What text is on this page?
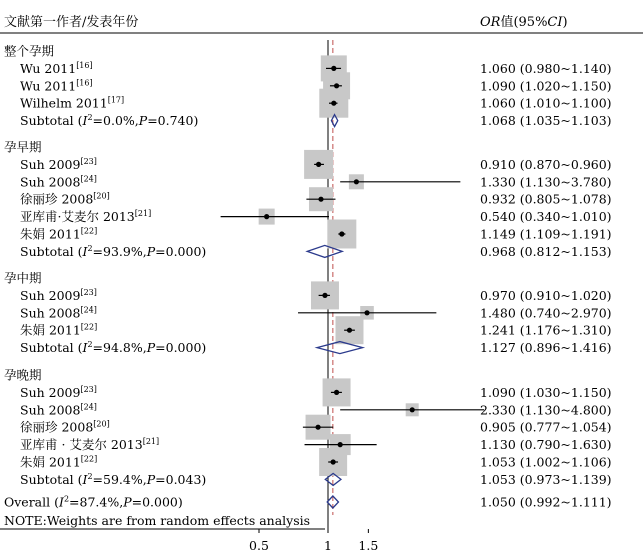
文献第一作者/发表年份	OR值(95%CI)
整个孕期
Wu 2011[16]	1.060 (0.980~1.140)
Wu 2011[16]	1.090 (1.020~1.150)
Wilhelm 2011[17]	1.060 (1.010~1.100)
Subtotal $(I^2=0.0\%,P=0.740)$	1.068 (1.035~1.103)
孕早期
Suh 2009[23]	0.910 (0.870~0.960)
Suh 2008[24]	1.330 (1.130~3.780)
徐丽珍 2008[20]	0.932 (0.805~1.078)
亚库甫·艾麦尔 2013[21]	0.540 (0.340~1.010)
朱娟 2011[22]	1.149 (1.109~1.191)
Subtotal $(I^2=93.9\%,P=0.000)$	0.968 (0.812~1.153)
孕中期
Suh 2009[23]	0.970 (0.910~1.020)
Suh 2008[24]	1.480 (0.740~2.970)
朱娟 2011[22]	1.241 (1.176~1.310)
Subtotal $(I^2=94.8\%,P=0.000)$	1.127 (0.896~1.416)
孕晚期
Suh 2009[23]	1.090 (1.030~1.150)
Suh 2008[24]	2.330 (1.130~4.800)
徐丽珍 2008[20]	0.905 (0.777~1.054)
亚库甫 · 艾麦尔 2013[21]	1.130 (0.790~1.630)
朱娟 2011[22]	1.053 (1.002~1.106)
Subtotal $(I^2=59.4\%,P=0.043)$	1.053 (0.973~1.139)
Overall $(I^2=87.4\%,P=0.000)$	1.050 (0.992~1.111)
NOTE:Weights are from random effects analysis
0.5	1 1.5
